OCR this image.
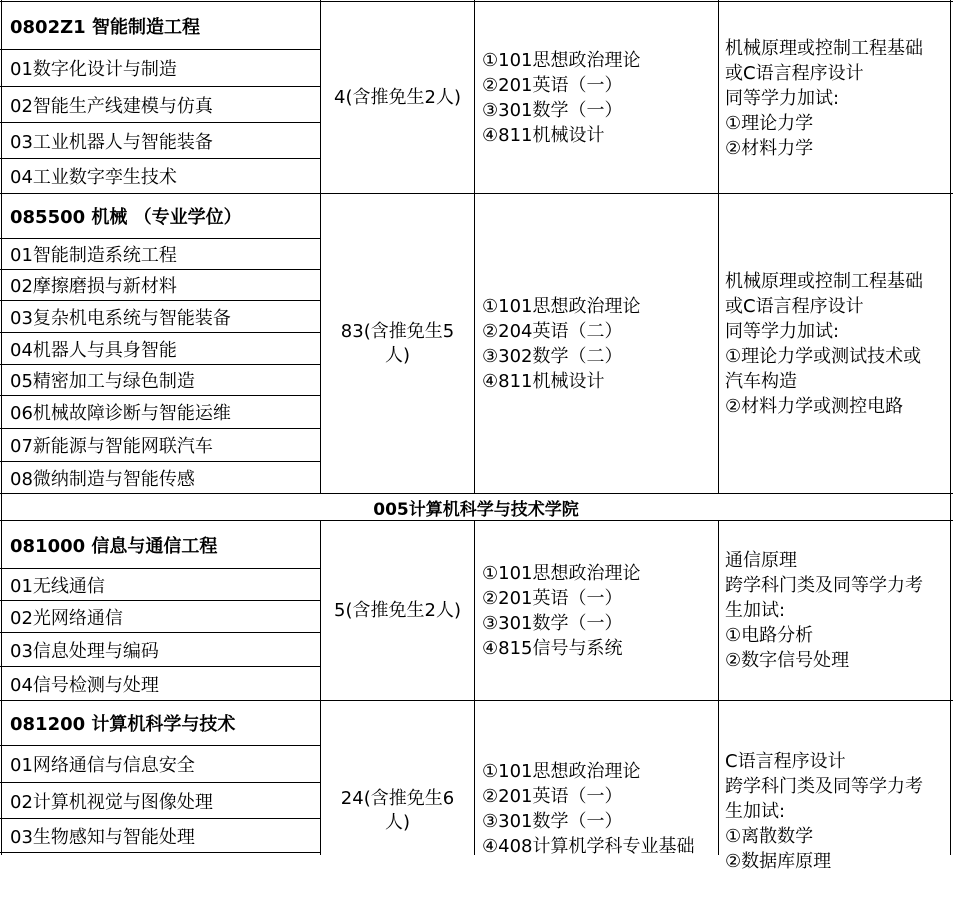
0802Z1 智能制造工程
01数字化设计与制造
02智能生产线建模与仿真
03工业机器人与智能装备
04工业数字孪生技术
4(含推免生2人)
①101思想政治理论
②201英语（一）
③301数学（一）
④811机械设计
机械原理或控制工程基础
或C语言程序设计
同等学力加试:
①理论力学
②材料力学
085500 机械 （专业学位）
01智能制造系统工程
02摩擦磨损与新材料
03复杂机电系统与智能装备
04机器人与具身智能
05精密加工与绿色制造
06机械故障诊断与智能运维
07新能源与智能网联汽车
08微纳制造与智能传感
83(含推免生5
人)
①101思想政治理论
②204英语（二）
③302数学（二）
④811机械设计
机械原理或控制工程基础
或C语言程序设计
同等学力加试:
①理论力学或测试技术或
汽车构造
②材料力学或测控电路
005计算机科学与技术学院
081000 信息与通信工程
01无线通信
02光网络通信
03信息处理与编码
04信号检测与处理
5(含推免生2人)
①101思想政治理论
②201英语（一）
③301数学（一）
④815信号与系统
通信原理
跨学科门类及同等学力考
生加试:
①电路分析
②数字信号处理
081200 计算机科学与技术
01网络通信与信息安全
02计算机视觉与图像处理
03生物感知与智能处理
24(含推免生6
人)
①101思想政治理论
②201英语（一）
③301数学（一）
④408计算机学科专业基础
C语言程序设计
跨学科门类及同等学力考
生加试:
①离散数学
②数据库原理
